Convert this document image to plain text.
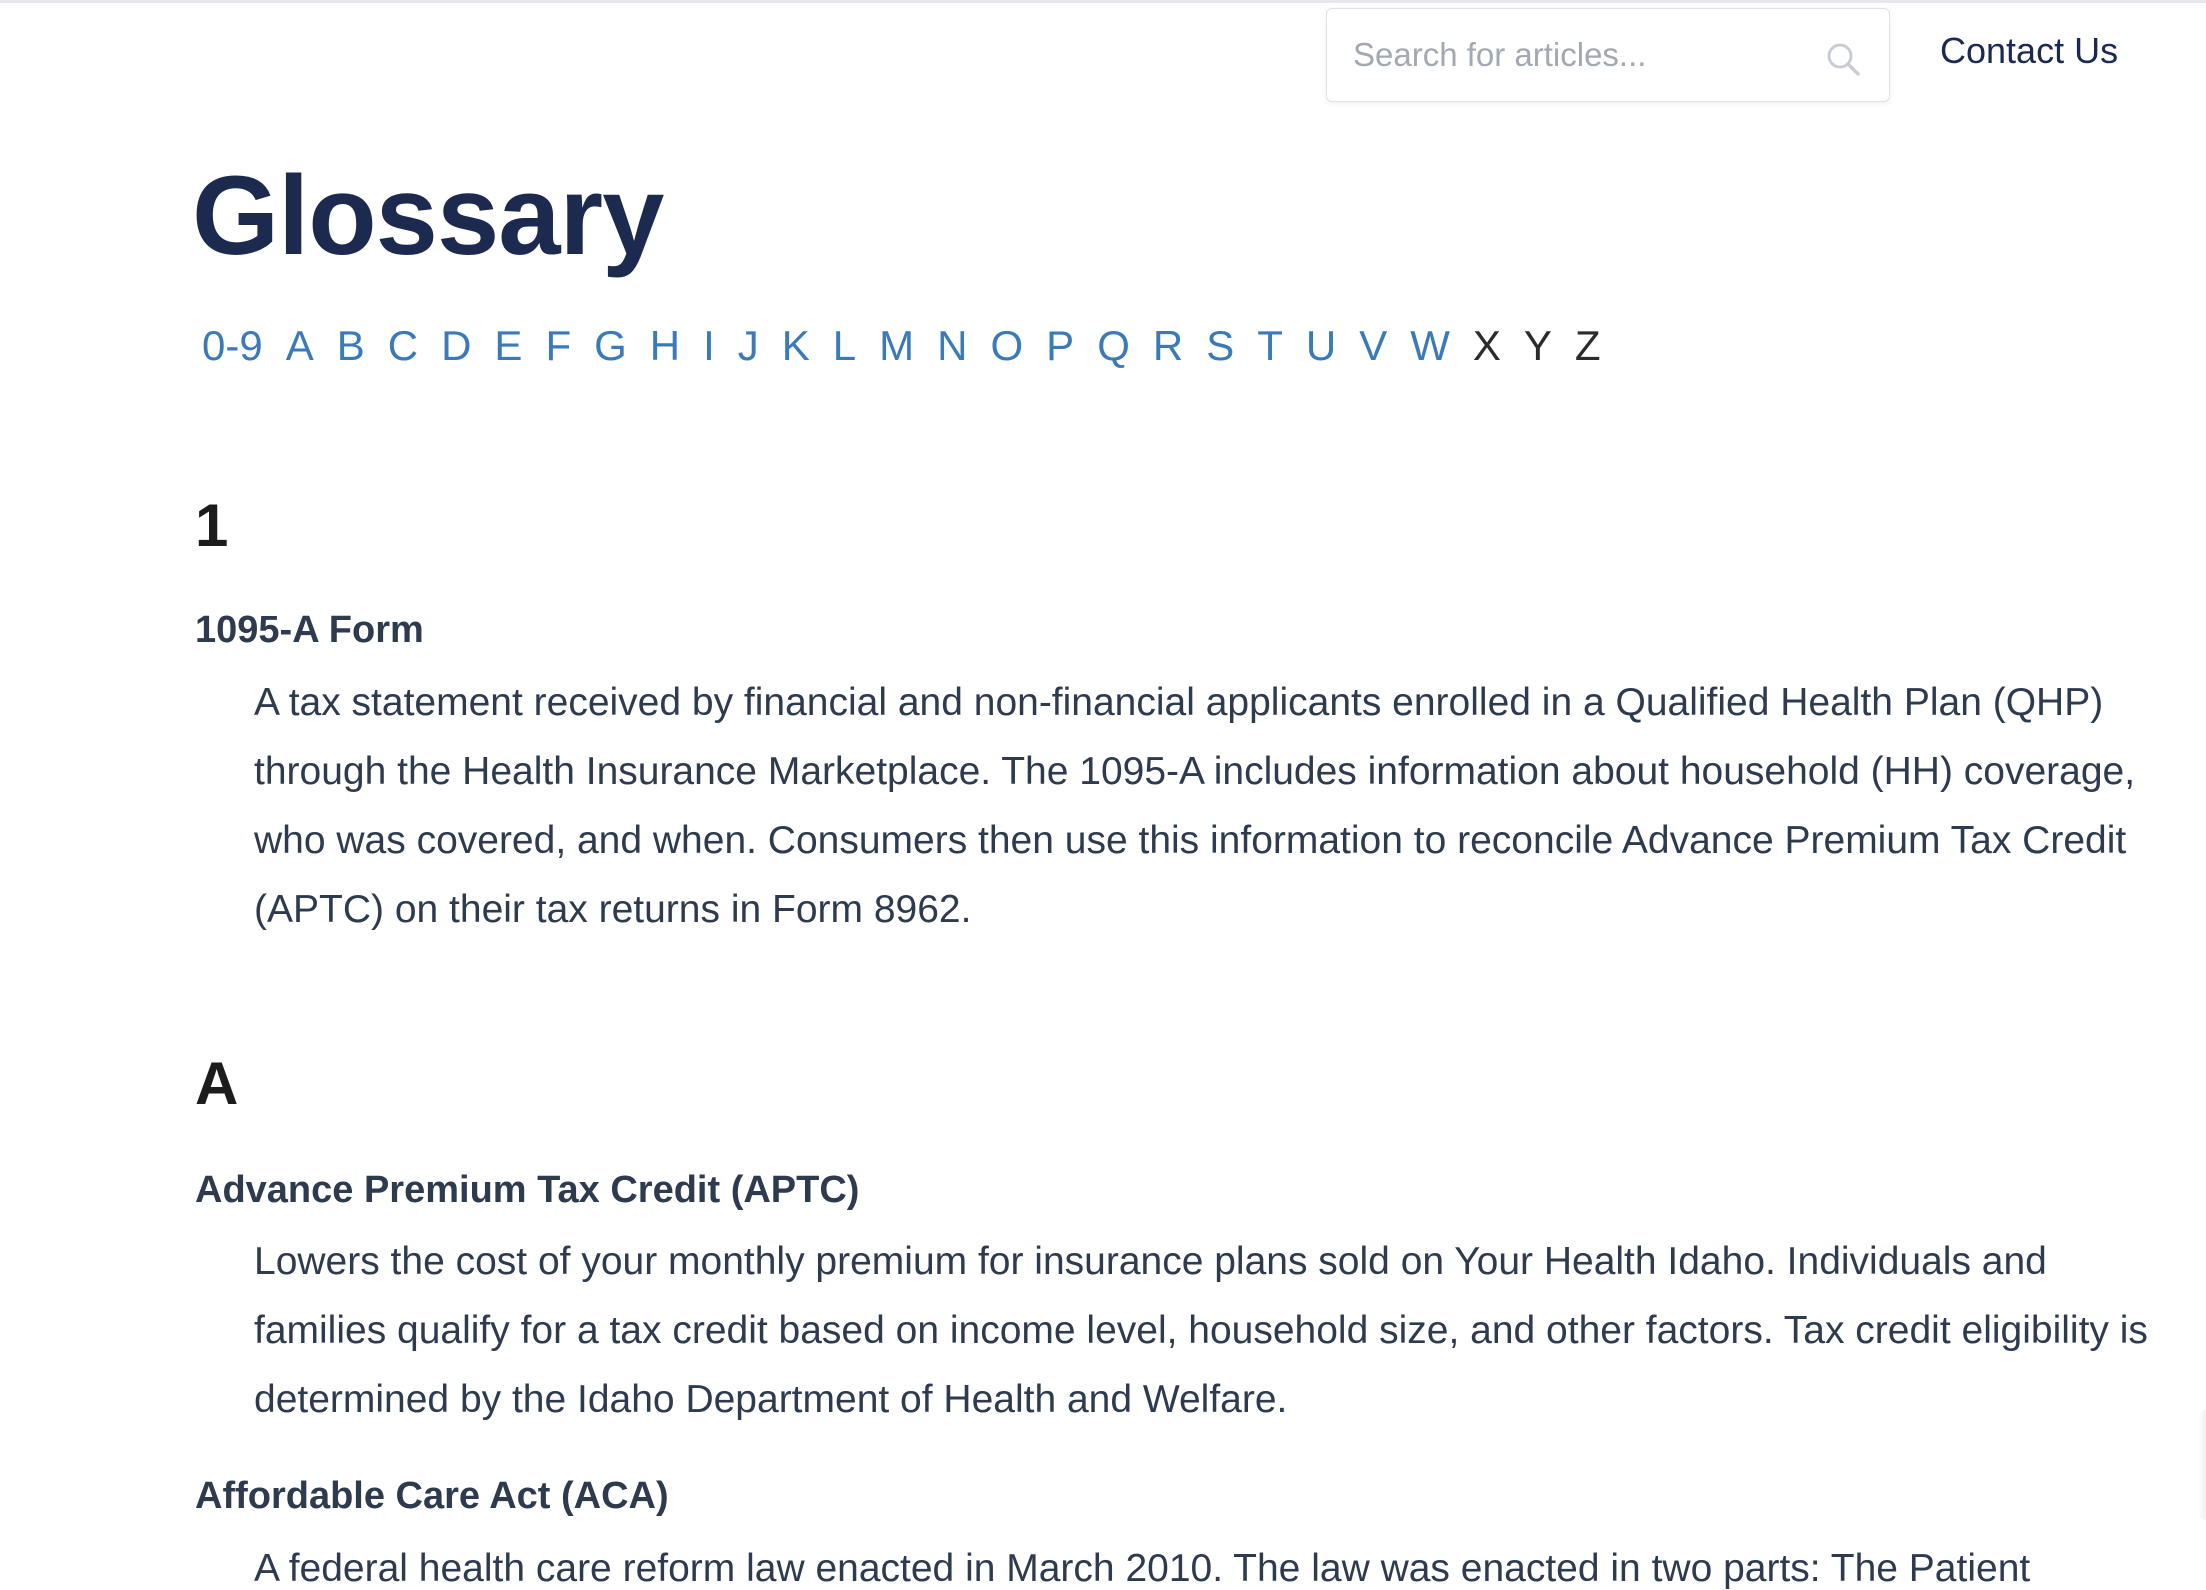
Search for articles...
Contact Us
Glossary
0-9 A B C D E F G H I J K L M N O P Q R S T U V W X Y Z
1
1095-A Form

A tax statement received by financial and non-financial applicants enrolled in a Qualified Health Plan (QHP) through the Health Insurance Marketplace. The 1095-A includes information about household (HH) coverage, who was covered, and when. Consumers then use this information to reconcile Advance Premium Tax Credit (APTC) on their tax returns in Form 8962.

A
Advance Premium Tax Credit (APTC)

Lowers the cost of your monthly premium for insurance plans sold on Your Health Idaho. Individuals and families qualify for a tax credit based on income level, household size, and other factors. Tax credit eligibility is determined by the Idaho Department of Health and Welfare.

Affordable Care Act (ACA)

A federal health care reform law enacted in March 2010. The law was enacted in two parts: The Patient
